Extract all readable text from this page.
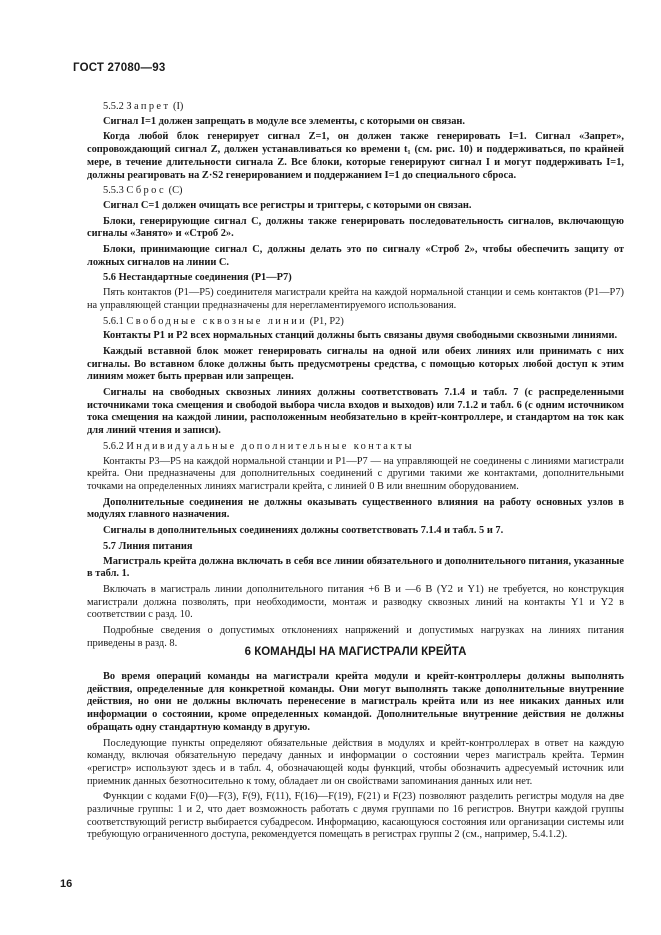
ГОСТ 27080—93

5.5.2 Запрет (I)

Сигнал I=1 должен запрещать в модуле все элементы, с которыми он связан.

Когда любой блок генерирует сигнал Z=1, он должен также генерировать I=1. Сигнал «Запрет», сопровождающий сигнал Z, должен устанавливаться ко времени t₁ (см. рис. 10) и поддерживаться, по крайней мере, в течение длительности сигнала Z. Все блоки, которые генерируют сигнал I и могут поддерживать I=1, должны реагировать на Z·S2 генерированием и поддержанием I=1 до специального сброса.

5.5.3 Сброс (C)

Сигнал C=1 должен очищать все регистры и триггеры, с которыми он связан.

Блоки, генерирующие сигнал C, должны также генерировать последовательность сигналов, включающую сигналы «Занято» и «Строб 2».

Блоки, принимающие сигнал C, должны делать это по сигналу «Строб 2», чтобы обеспечить защиту от ложных сигналов на линии C.

5.6 Нестандартные соединения (P1—P7)

Пять контактов (P1—P5) соединителя магистрали крейта на каждой нормальной станции и семь контактов (P1—P7) на управляющей станции предназначены для нерегламентируемого использования.

5.6.1 Свободные сквозные линии (P1, P2)

Контакты P1 и P2 всех нормальных станций должны быть связаны двумя свободными сквозными линиями.

Каждый вставной блок может генерировать сигналы на одной или обеих линиях или принимать с них сигналы. Во вставном блоке должны быть предусмотрены средства, с помощью которых любой доступ к этим линиям может быть прерван или запрещен.

Сигналы на свободных сквозных линиях должны соответствовать 7.1.4 и табл. 7 (с распределенными источниками тока смещения и свободой выбора числа входов и выходов) или 7.1.2 и табл. 6 (с одним источником тока смещения на каждой линии, расположенным необязательно в крейт-контроллере, и стандартом на ток как для линий чтения и записи).

5.6.2 Индивидуальные дополнительные контакты

Контакты P3—P5 на каждой нормальной станции и P1—P7 — на управляющей не соединены с линиями магистрали крейта. Они предназначены для дополнительных соединений с другими такими же контактами, дополнительными точками на определенных линиях магистрали крейта, с линией 0 В или внешним оборудованием.

Дополнительные соединения не должны оказывать существенного влияния на работу основных узлов в модулях главного назначения.

Сигналы в дополнительных соединениях должны соответствовать 7.1.4 и табл. 5 и 7.

5.7 Линия питания

Магистраль крейта должна включать в себя все линии обязательного и дополнительного питания, указанные в табл. 1.

Включать в магистраль линии дополнительного питания +6 В и —6 В (Y2 и Y1) не требуется, но конструкция магистрали должна позволять, при необходимости, монтаж и разводку сквозных линий на контакты Y1 и Y2 в соответствии с разд. 10.

Подробные сведения о допустимых отклонениях напряжений и допустимых нагрузках на линиях питания приведены в разд. 8.

6 КОМАНДЫ НА МАГИСТРАЛИ КРЕЙТА

Во время операций команды на магистрали крейта модули и крейт-контроллеры должны выполнять действия, определенные для конкретной команды. Они могут выполнять также дополнительные внутренние действия, но они не должны включать перенесение в магистраль крейта или из нее никаких данных или информации о состоянии, кроме определенных командой. Дополнительные внутренние действия не должны обращать одну стандартную команду в другую.

Последующие пункты определяют обязательные действия в модулях и крейт-контроллерах в ответ на каждую команду, включая обязательную передачу данных и информации о состоянии через магистраль крейта. Термин «регистр» используют здесь и в табл. 4, обозначающей коды функций, чтобы обозначить адресуемый источник или приемник данных безотносительно к тому, обладает ли он свойствами запоминания данных или нет.

Функции с кодами F(0)—F(3), F(9), F(11), F(16)—F(19), F(21) и F(23) позволяют разделить регистры модуля на две различные группы: 1 и 2, что дает возможность работать с двумя группами по 16 регистров. Внутри каждой группы соответствующий регистр выбирается субадресом. Информацию, касающуюся состояния или организации системы или требующую ограниченного доступа, рекомендуется помещать в регистрах группы 2 (см., например, 5.4.1.2).

16
